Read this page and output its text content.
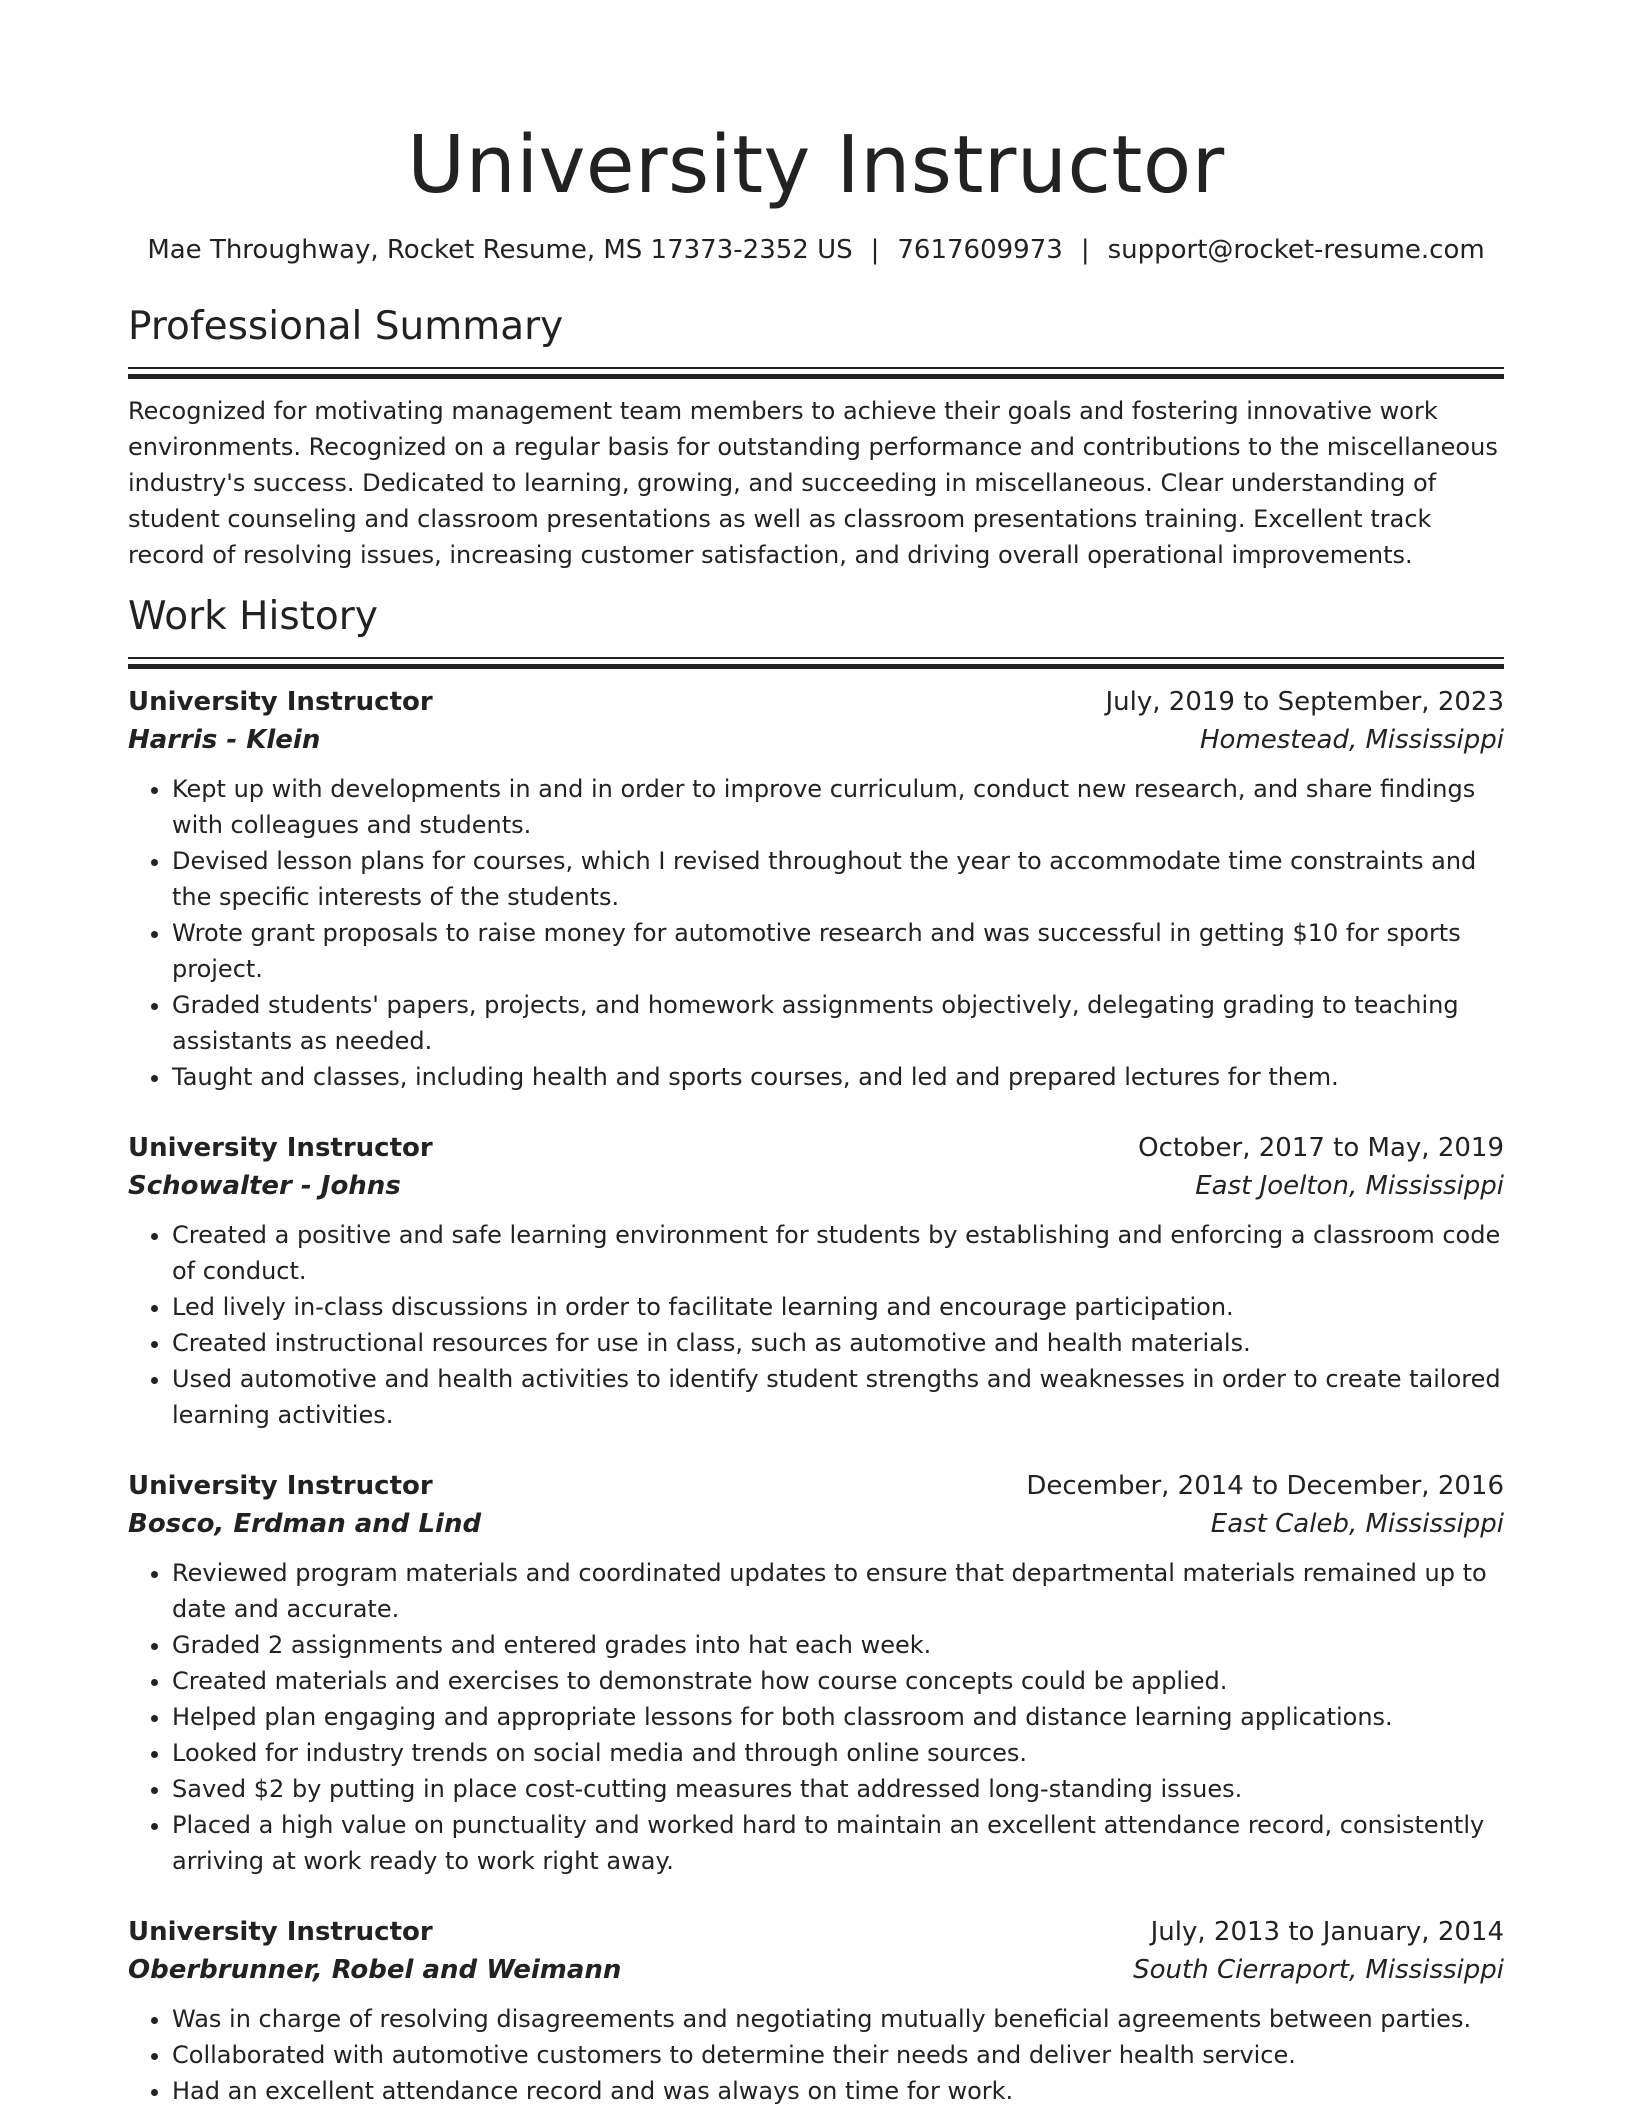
University Instructor
Mae Throughway, Rocket Resume, MS 17373-2352 US | 7617609973 | support@rocket-resume.com
Professional Summary

Recognized for motivating management team members to achieve their goals and fostering innovative work environments. Recognized on a regular basis for outstanding performance and contributions to the miscellaneous industry's success. Dedicated to learning, growing, and succeeding in miscellaneous. Clear understanding of student counseling and classroom presentations as well as classroom presentations training. Excellent track record of resolving issues, increasing customer satisfaction, and driving overall operational improvements.

Work History
University Instructor	July, 2019 to September, 2023
Harris - Klein	Homestead, Mississippi
• Kept up with developments in and in order to improve curriculum, conduct new research, and share findings with colleagues and students.
• Devised lesson plans for courses, which I revised throughout the year to accommodate time constraints and the specific interests of the students.
• Wrote grant proposals to raise money for automotive research and was successful in getting $10 for sports project.
• Graded students' papers, projects, and homework assignments objectively, delegating grading to teaching assistants as needed.
• Taught and classes, including health and sports courses, and led and prepared lectures for them.
University Instructor	October, 2017 to May, 2019
Schowalter - Johns	East Joelton, Mississippi
• Created a positive and safe learning environment for students by establishing and enforcing a classroom code of conduct.
• Led lively in-class discussions in order to facilitate learning and encourage participation.
• Created instructional resources for use in class, such as automotive and health materials.
• Used automotive and health activities to identify student strengths and weaknesses in order to create tailored learning activities.
University Instructor	December, 2014 to December, 2016
Bosco, Erdman and Lind	East Caleb, Mississippi
• Reviewed program materials and coordinated updates to ensure that departmental materials remained up to date and accurate.
• Graded 2 assignments and entered grades into hat each week.
• Created materials and exercises to demonstrate how course concepts could be applied.
• Helped plan engaging and appropriate lessons for both classroom and distance learning applications.
• Looked for industry trends on social media and through online sources.
• Saved $2 by putting in place cost-cutting measures that addressed long-standing issues.
• Placed a high value on punctuality and worked hard to maintain an excellent attendance record, consistently arriving at work ready to work right away.
University Instructor	July, 2013 to January, 2014
Oberbrunner, Robel and Weimann	South Cierraport, Mississippi
• Was in charge of resolving disagreements and negotiating mutually beneficial agreements between parties.
• Collaborated with automotive customers to determine their needs and deliver health service.
• Had an excellent attendance record and was always on time for work.
